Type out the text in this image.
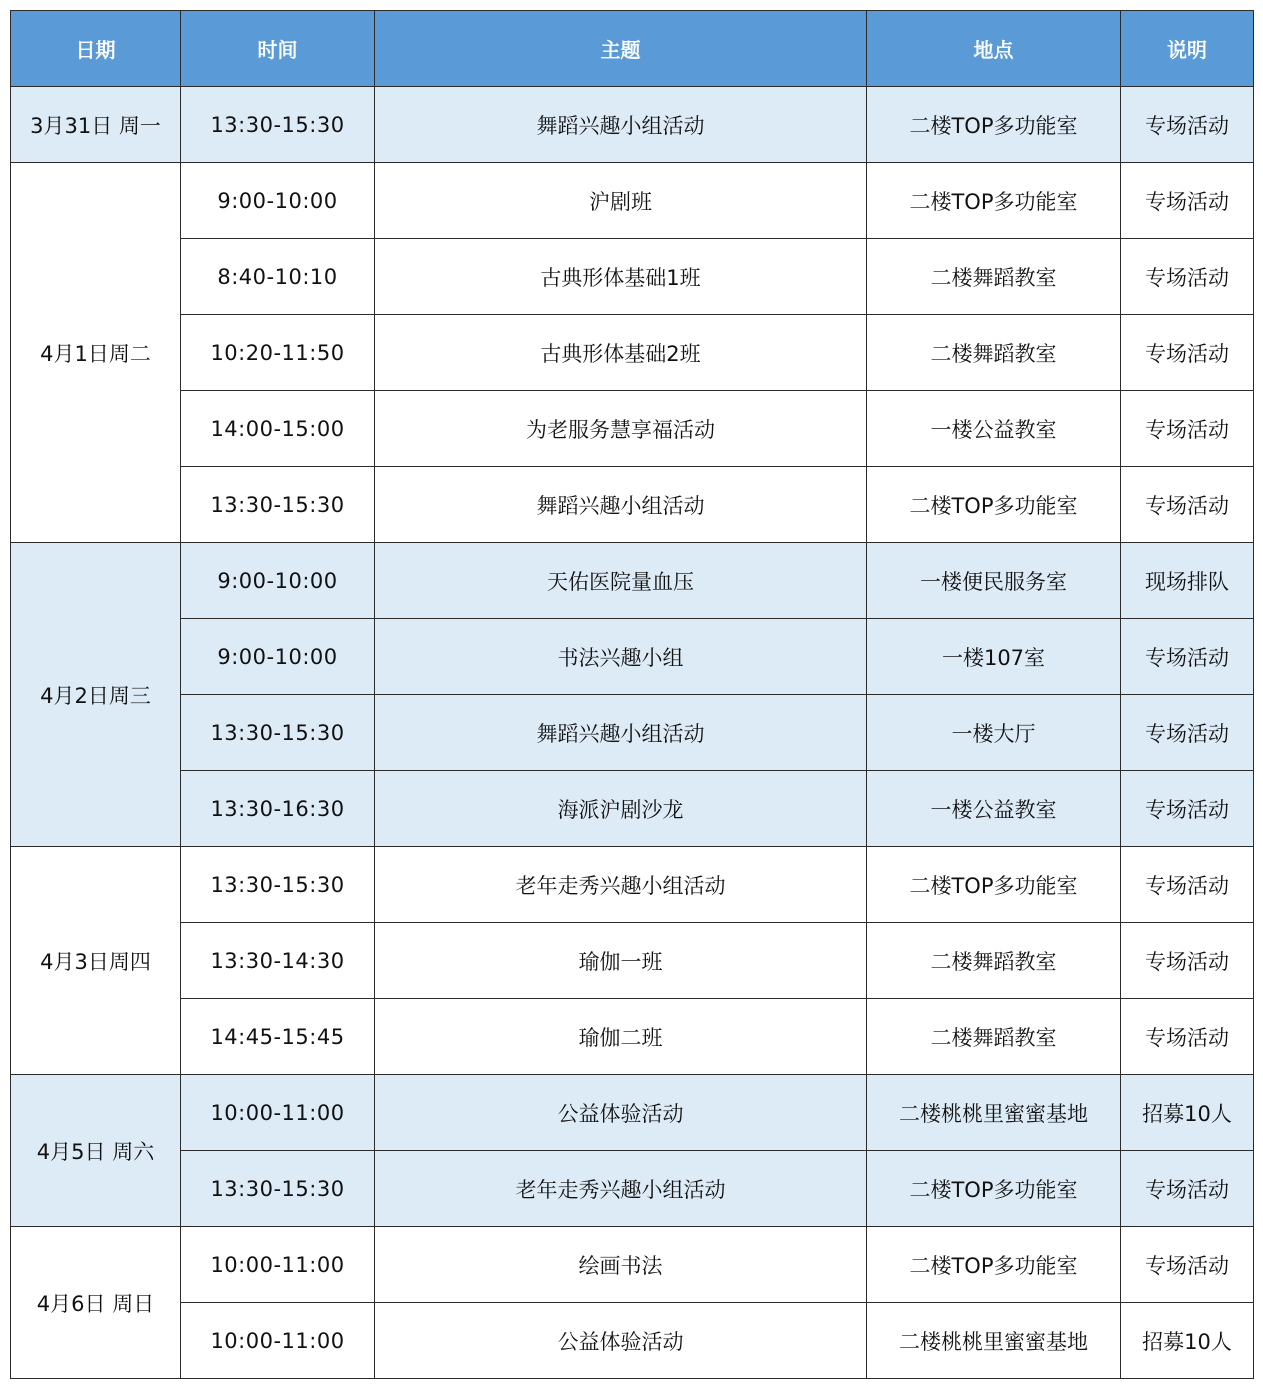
日期	时间	主题	地点	说明
3月31日 周一	13:30-15:30	舞蹈兴趣小组活动	二楼TOP多功能室	专场活动
4月1日周二	9:00-10:00	沪剧班	二楼TOP多功能室	专场活动
	8:40-10:10	古典形体基础1班	二楼舞蹈教室	专场活动
	10:20-11:50	古典形体基础2班	二楼舞蹈教室	专场活动
	14:00-15:00	为老服务慧享福活动	一楼公益教室	专场活动
	13:30-15:30	舞蹈兴趣小组活动	二楼TOP多功能室	专场活动
4月2日周三	9:00-10:00	天佑医院量血压	一楼便民服务室	现场排队
	9:00-10:00	书法兴趣小组	一楼107室	专场活动
	13:30-15:30	舞蹈兴趣小组活动	一楼大厅	专场活动
	13:30-16:30	海派沪剧沙龙	一楼公益教室	专场活动
4月3日周四	13:30-15:30	老年走秀兴趣小组活动	二楼TOP多功能室	专场活动
	13:30-14:30	瑜伽一班	二楼舞蹈教室	专场活动
	14:45-15:45	瑜伽二班	二楼舞蹈教室	专场活动
4月5日 周六	10:00-11:00	公益体验活动	二楼桃桃里蜜蜜基地	招募10人
	13:30-15:30	老年走秀兴趣小组活动	二楼TOP多功能室	专场活动
4月6日 周日	10:00-11:00	绘画书法	二楼TOP多功能室	专场活动
	10:00-11:00	公益体验活动	二楼桃桃里蜜蜜基地	招募10人
